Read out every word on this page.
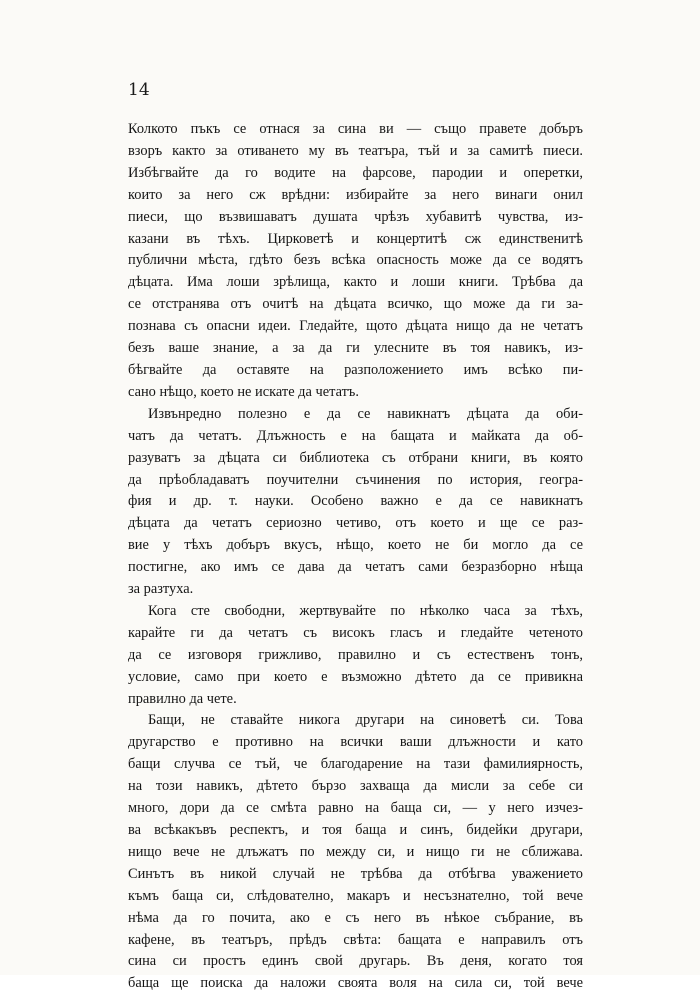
14

Колкото пъкъ се отнася за сина ви — също правете добъръ
взоръ както за отиването му въ театъра, тъй и за самитѣ пиеси.
Избѣгвайте да го водите на фарсове, пародии и оперетки,
които за него сж врѣдни: избирайте за него винаги онил
пиеси, що възвишаватъ душата чрѣзъ хубавитѣ чувства, из-
казани въ тѣхъ. Цирковетѣ и концертитѣ сж единственитѣ
публични мѣста, гдѣто безъ всѣка опасность може да се водятъ
дѣцата. Има лоши зрѣлища, както и лоши книги. Трѣбва да
се отстранява отъ очитѣ на дѣцата всичко, що може да ги за-
познава съ опасни идеи. Гледайте, щото дѣцата нищо да не четатъ
безъ ваше знание, а за да ги улесните въ тоя навикъ, из-
бѣгвайте да оставяте на разположението имъ всѣко пи-
сано нѣщо, което не искате да четатъ.

Извънредно полезно е да се навикнатъ дѣцата да оби-
чатъ да четатъ. Длъжность е на бащата и майката да об-
разуватъ за дѣцата си библиотека съ отбрани книги, въ която
да прѣобладаватъ поучителни съчинения по история, геогра-
фия и др. т. науки. Особено важно е да се навикнатъ
дѣцата да четатъ сериозно четиво, отъ което и ще се раз-
вие у тѣхъ добъръ вкусъ, нѣщо, което не би могло да се
постигне, ако имъ се дава да четатъ сами безразборно нѣща
за разтуха.

Кога сте свободни, жертвувайте по нѣколко часа за тѣхъ,
карайте ги да четатъ съ високъ гласъ и гледайте четеното
да се изговоря грижливо, правилно и съ естественъ тонъ,
условие, само при което е възможно дѣтето да се привикна
правилно да чете.

Бащи, не ставайте никога другари на синоветѣ си. Това
другарство е противно на всички ваши длъжности и като
бащи случва се тъй, че благодарение на тази фамилиярность,
на този навикъ, дѣтето бързо захваща да мисли за себе си
много, дори да се смѣта равно на баща си, — у него изчез-
ва всѣкакъвъ респектъ, и тоя баща и синъ, бидейки другари,
нищо вече не длъжатъ по между си, и нищо ги не сближава.
Синътъ въ никой случай не трѣбва да отбѣгва уважението
къмъ баща си, слѣдователно, макаръ и несъзнателно, той вече
нѣма да го почита, ако е съ него въ нѣкое събрание, въ
кафене, въ театъръ, прѣдъ свѣта: бащата е направилъ отъ
сина си простъ единъ свой другарь. Въ деня, когато тоя
баща ще поиска да наложи своята воля на сила си, той вече
